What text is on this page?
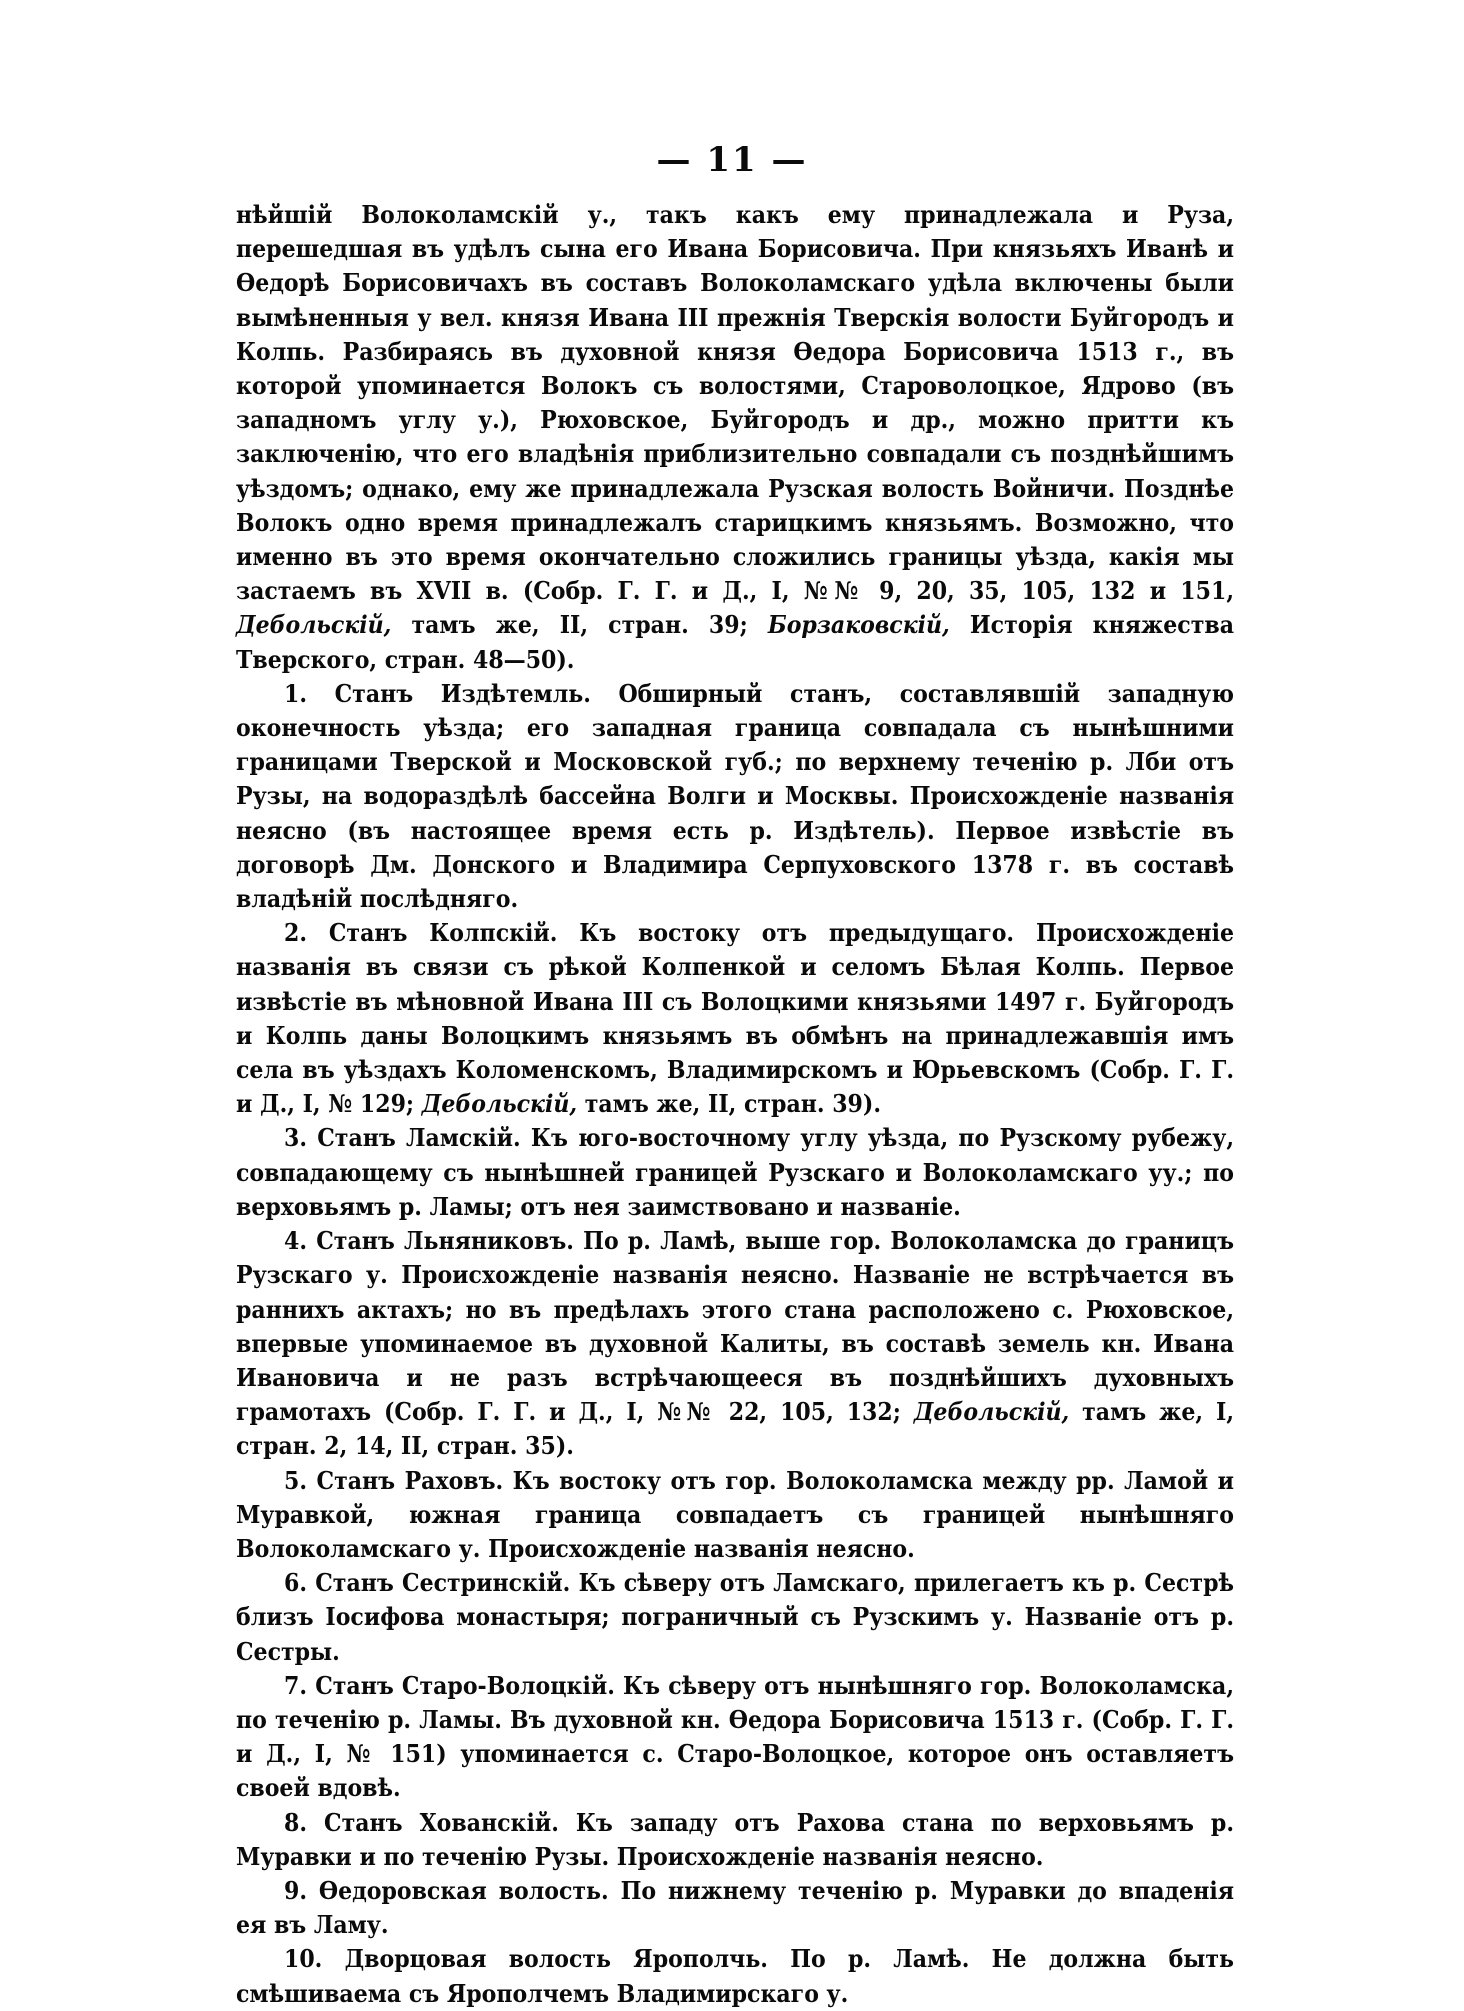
— 11 —

нѣйшій Волоколамскій у., такъ какъ ему принадлежала и Руза, перешедшая въ удѣлъ сына его Ивана Борисовича. При князьяхъ Иванѣ и Ѳедорѣ Борисовичахъ въ составъ Волоколамскаго удѣла включены были вымѣненныя у вел. князя Ивана III прежнія Тверскія волости Буйгородъ и Колпь. Разбираясь въ духовной князя Ѳедора Борисовича 1513 г., въ которой упоминается Волокъ съ волостями, Староволоцкое, Ядрово (въ западномъ углу у.), Рюховское, Буйгородъ и др., можно притти къ заключенію, что его владѣнія приблизительно совпадали съ позднѣйшимъ уѣздомъ; однако, ему же принадлежала Рузская волость Войничи. Позднѣе Волокъ одно время принадлежалъ старицкимъ князьямъ. Возможно, что именно въ это время окончательно сложились границы уѣзда, какія мы застаемъ въ XVII в. (Собр. Г. Г. и Д., I, №№ 9, 20, 35, 105, 132 и 151, Дебольскій, тамъ же, II, стран. 39; Борзаковскій, Исторія княжества Тверского, стран. 48—50).

1. Станъ Издѣтемль. Обширный станъ, составлявшій западную оконечность уѣзда; его западная граница совпадала съ нынѣшними границами Тверской и Московской губ.; по верхнему теченію р. Лби отъ Рузы, на водораздѣлѣ бассейна Волги и Москвы. Происхожденіе названія неясно (въ настоящее время есть р. Издѣтель). Первое извѣстіе въ договорѣ Дм. Донского и Владимира Серпуховского 1378 г. въ составѣ владѣній послѣдняго.

2. Станъ Колпскій. Къ востоку отъ предыдущаго. Происхожденіе названія въ связи съ рѣкой Колпенкой и селомъ Бѣлая Колпь. Первое извѣстіе въ мѣновной Ивана III съ Волоцкими князьями 1497 г. Буйгородъ и Колпь даны Волоцкимъ князьямъ въ обмѣнъ на принадлежавшія имъ села въ уѣздахъ Коломенскомъ, Владимирскомъ и Юрьевскомъ (Собр. Г. Г. и Д., I, № 129; Дебольскій, тамъ же, II, стран. 39).

3. Станъ Ламскій. Къ юго-восточному углу уѣзда, по Рузскому рубежу, совпадающему съ нынѣшней границей Рузскаго и Волоколамскаго уу.; по верховьямъ р. Ламы; отъ нея заимствовано и названіе.

4. Станъ Льняниковъ. По р. Ламѣ, выше гор. Волоколамска до границъ Рузскаго у. Происхожденіе названія неясно. Названіе не встрѣчается въ раннихъ актахъ; но въ предѣлахъ этого стана расположено с. Рюховское, впервые упоминаемое въ духовной Калиты, въ составѣ земель кн. Ивана Ивановича и не разъ встрѣчающееся въ позднѣйшихъ духовныхъ грамотахъ (Собр. Г. Г. и Д., I, №№ 22, 105, 132; Дебольскій, тамъ же, I, стран. 2, 14, II, стран. 35).

5. Станъ Раховъ. Къ востоку отъ гор. Волоколамска между рр. Ламой и Муравкой, южная граница совпадаетъ съ границей нынѣшняго Волоколамскаго у. Происхожденіе названія неясно.

6. Станъ Сестринскій. Къ сѣверу отъ Ламскаго, прилегаетъ къ р. Сестрѣ близъ Іосифова монастыря; пограничный съ Рузскимъ у. Названіе отъ р. Сестры.

7. Станъ Старо-Волоцкій. Къ сѣверу отъ нынѣшняго гор. Волоколамска, по теченію р. Ламы. Въ духовной кн. Ѳедора Борисовича 1513 г. (Собр. Г. Г. и Д., I, № 151) упоминается с. Старо-Волоцкое, которое онъ оставляетъ своей вдовѣ.

8. Станъ Хованскій. Къ западу отъ Рахова стана по верховьямъ р. Муравки и по теченію Рузы. Происхожденіе названія неясно.

9. Ѳедоровская волость. По нижнему теченію р. Муравки до впаденія ея въ Ламу.

10. Дворцовая волость Ярополчь. По р. Ламѣ. Не должна быть смѣшиваема съ Ярополчемъ Владимирскаго у.
